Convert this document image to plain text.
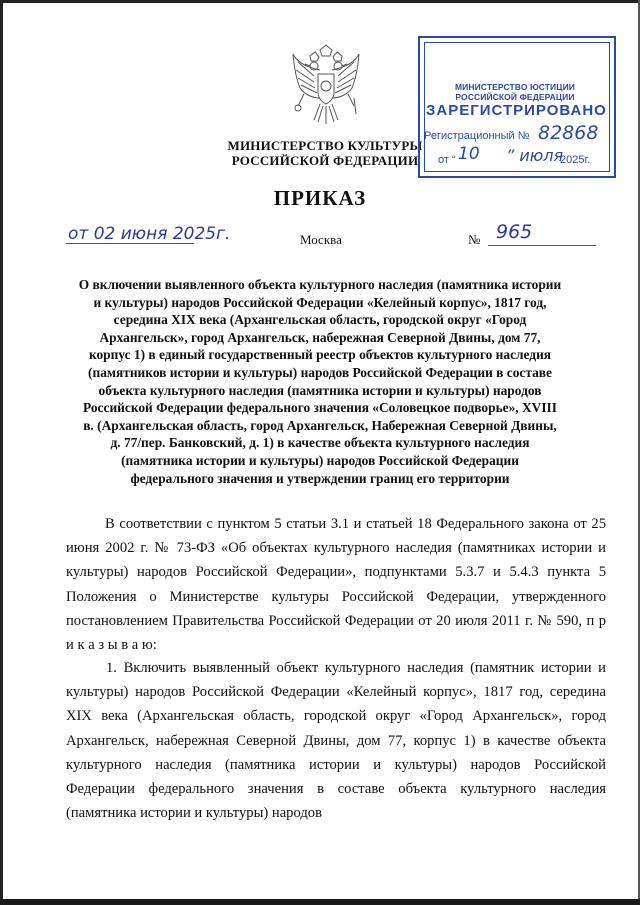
МИНИСТЕРСТВО КУЛЬТУРЫ
РОССИЙСКОЙ ФЕДЕРАЦИИ
МИНИСТЕРСТВО ЮСТИЦИИ РОССИЙСКОЙ ФЕДЕРАЦИИ
ЗАРЕГИСТРИРОВАНО
Регистрационный № 82868
от “ 10 ” июля
2025г.
ПРИКАЗ
от 02 июня 2025г.	Москва	№ 965
О включении выявленного объекта культурного наследия (памятника истории и культуры) народов Российской Федерации «Келейный корпус», 1817 год, середина XIX века (Архангельская область, городской округ «Город Архангельск», город Архангельск, набережная Северной Двины, дом 77, корпус 1) в единый государственный реестр объектов культурного наследия (памятников истории и культуры) народов Российской Федерации в составе объекта культурного наследия (памятника истории и культуры) народов Российской Федерации федерального значения «Соловецкое подворье», XVIII в. (Архангельская область, город Архангельск, Набережная Северной Двины, д. 77/пер. Банковский, д. 1) в качестве объекта культурного наследия (памятника истории и культуры) народов Российской Федерации федерального значения и утверждении границ его территории
В соответствии с пунктом 5 статьи 3.1 и статьей 18 Федерального закона от 25 июня 2002 г. № 73-ФЗ «Об объектах культурного наследия (памятниках истории и культуры) народов Российской Федерации», подпунктами 5.3.7 и 5.4.3 пункта 5 Положения о Министерстве культуры Российской Федерации, утвержденного постановлением Правительства Российской Федерации от 20 июля 2011 г. № 590, п р и к а з ы в а ю:
1. Включить выявленный объект культурного наследия (памятник истории и культуры) народов Российской Федерации «Келейный корпус», 1817 год, середина XIX века (Архангельская область, городской округ «Город Архангельск», город Архангельск, набережная Северной Двины, дом 77, корпус 1) в качестве объекта культурного наследия (памятника истории и культуры) народов Российской Федерации федерального значения в составе объекта культурного наследия (памятника истории и культуры) народов
